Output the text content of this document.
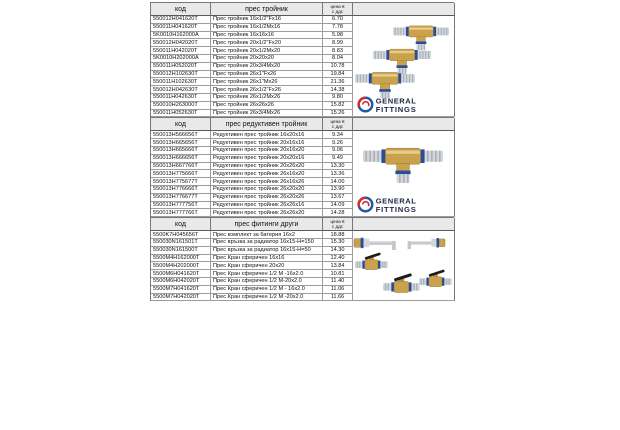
код	прес тройник	цена €
с ддс
GENERAL
FITTINGS
550012H041620T	Прес тройник 16x1/2"Fx16	6.70
550011H041620T	Прес тройник 16x1/2Mx16	7.78
5K0010H162000A	Прес тройник 16x16x16	5.98
550012H042020T	Прес тройник 20x1/2"Fx20	8.99
550011H042020T	Прес тройник 20x1/2Mx20	8.83
5K0010H202000A	Прес тройник 20x20x20	8.04
550011H052020T	Прес тройник 20x3/4Mx20	10.78
550012H102630T	Прес тройник 26x1"Fx26	19.84
550011H102630T	Прес тройник 26x1"Mx26	21.36
550012H042630T	Прес тройник 26x1/2"Fx26	14.38
550011H042630T	Прес тройник 26x1/2Mx26	9.80
550010H263000T	Прес тройник 26x26x26	15.82
550011H052630T	Прес тройник 26x3/4Mx26	15.26
код	прес редуктивен тройник	цена €
с ддс
GENERAL
FITTINGS
550013H566656T	Редуктивен прес тройник 16x20x16	9.34
550013H665656T	Редуктивен прес тройник 20x16x16	9.26
550013H665666T	Редуктивен прес тройник 20x16x20	9.06
550013H666656T	Редуктивен прес тройник 20x20x16	9.49
550013H667766T	Редуктивен прес тройник 20x26x20	13.30
550013H775666T	Редуктивен прес тройник 26x16x20	13.36
550013H775677T	Редуктивен прес тройник 26x16x26	14.00
550013H776666T	Редуктивен прес тройник 26x20x20	13.90
550013H776677T	Редуктивен прес тройник 26x20x26	13.67
550013H777756T	Редуктивен прес тройник 26x26x16	14.09
550013H777766T	Редуктивен прес тройник 26x26x20	14.28
код	прес фитинги други	цена €
с ддс
5500K7H045656T	Прес комплект за батерия 16x2	18.88
550030N161501T	Прес връзка за радиатор 16x15-H=150	15.30
550030N161500T	Прес връзка за радиатор 16x15-H=50	14.30
5500M4H162000T	Прес Кран сферичен 16x16	12.40
5500M4H202000T	Прес Кран сферичен 20x20	13.84
5500M6H041620T	Прес Кран сферичен 1/2 M -16x2.0	10.81
5500M6H042020T	Прес Кран сферичен 1/2 M-20x2.0	11.40
5500M7H041620T	Прес Кран сферичен 1/2 M - 16x2.0	11.06
5500M7H042020T	Прес Кран сферичен 1/2 M -20x2.0	11.66
